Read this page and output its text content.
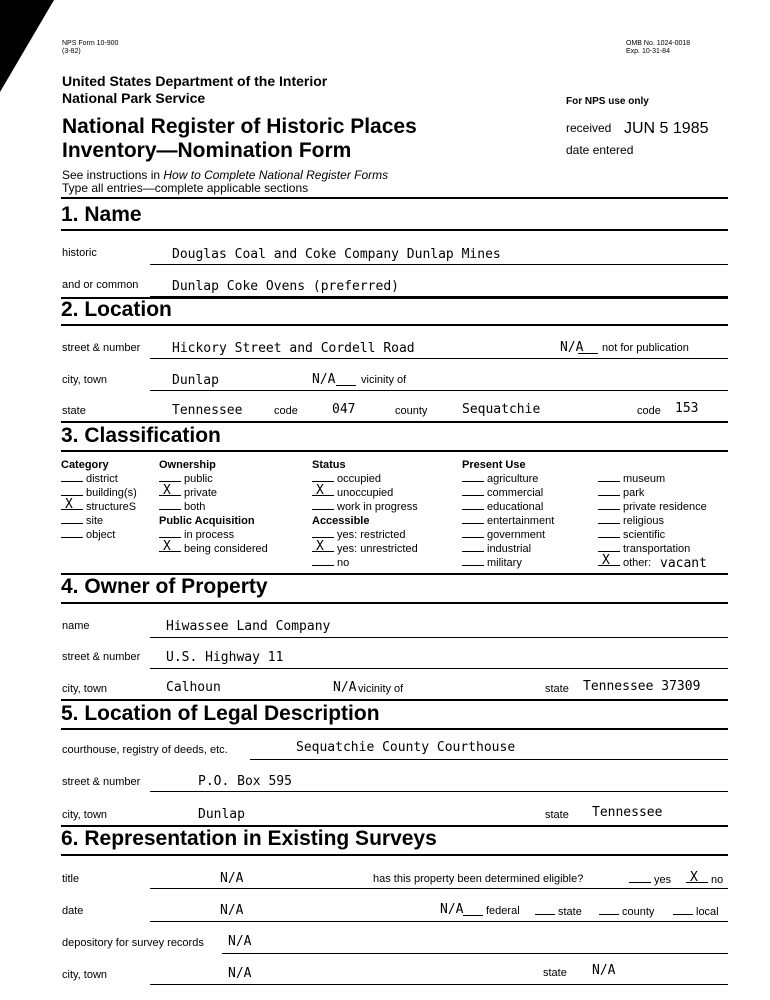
NPS Form 10-900
(3-82)
OMB No. 1024-0018
Exp. 10-31-84
United States Department of the Interior
National Park Service	For NPS use only
National Register of Historic Places
Inventory—Nomination Form
received JUN 5 1985
date entered
See instructions in How to Complete National Register Forms
Type all entries—complete applicable sections
1. Name
historic	Douglas Coal and Coke Company Dunlap Mines
and or common	Dunlap Coke Ovens (preferred)
2. Location
street & number Hickory Street and Cordell Road	N/A not for publication
city, town	Dunlap	N/A vicinity of
state	Tennessee	code	047	county	Sequatchie	code 153
3. Classification
Category
district
building(s)
X structureS
site
object
Ownership
public
X private
both
Public Acquisition
in process
X being considered
Status
occupied
X unoccupied
work in progress
Accessible
yes: restricted
X yes: unrestricted
no
Present Use
agriculture
commercial
educational
entertainment
government
industrial
military
museum
park
private residence
religious
scientific
transportation
X other: vacant
4. Owner of Property
name	Hiwassee Land Company
street & number U.S. Highway 11
city, town	Calhoun	N/A vicinity of	state Tennessee 37309
5. Location of Legal Description
courthouse, registry of deeds, etc.	Sequatchie County Courthouse
street & number	P.O. Box 595
city, town	Dunlap	state Tennessee
6. Representation in Existing Surveys
title	N/A	has this property been determined eligible?	yes X no
date	N/A	N/A federal	state	county	local
depository for survey records N/A
city, town	N/A	state N/A
